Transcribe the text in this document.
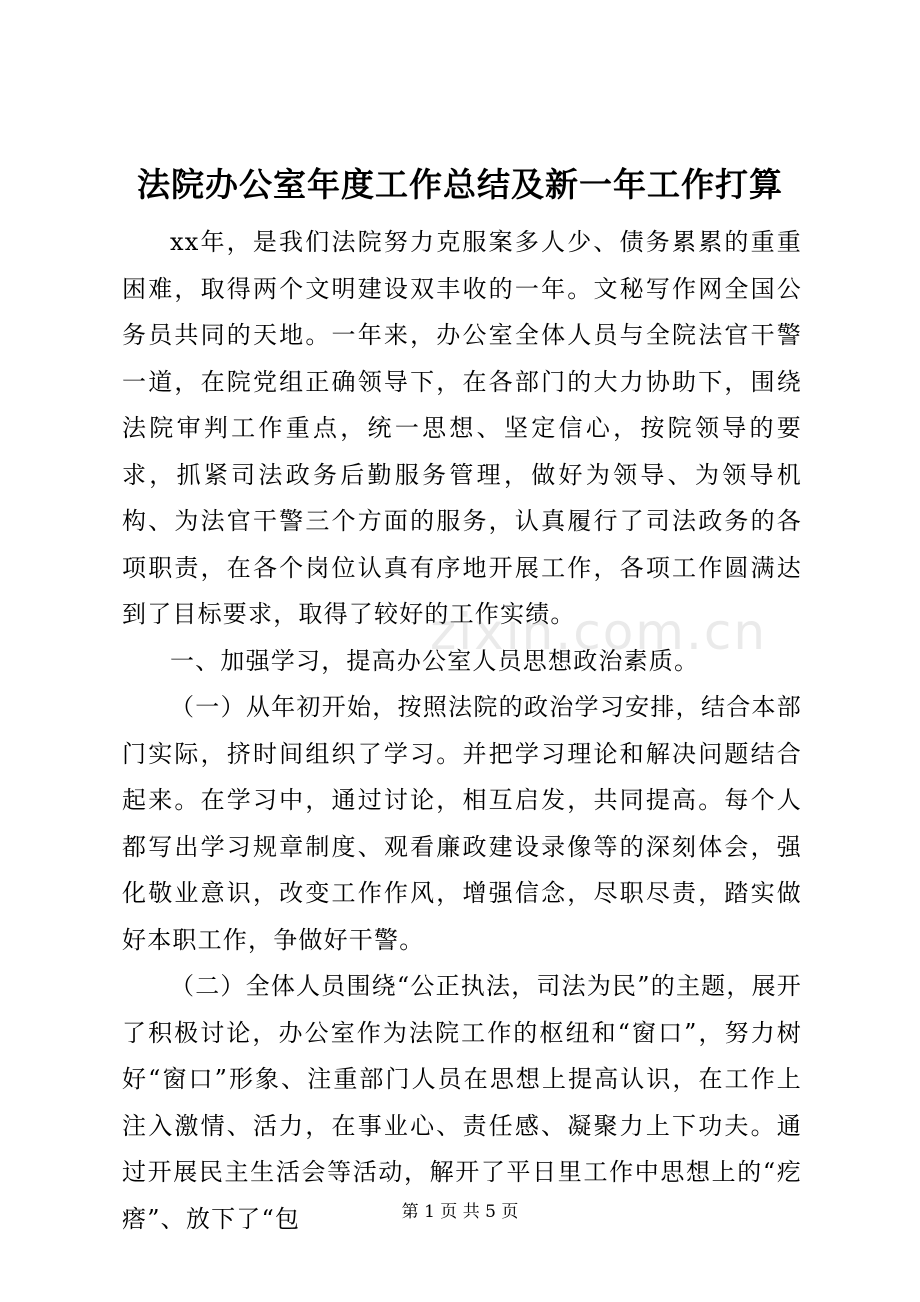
法院办公室年度工作总结及新一年工作打算

xx年，是我们法院努力克服案多人少、债务累累的重重困难，取得两个文明建设双丰收的一年。文秘写作网全国公务员共同的天地。一年来，办公室全体人员与全院法官干警一道，在院党组正确领导下，在各部门的大力协助下，围绕法院审判工作重点，统一思想、坚定信心，按院领导的要求，抓紧司法政务后勤服务管理，做好为领导、为领导机构、为法官干警三个方面的服务，认真履行了司法政务的各项职责，在各个岗位认真有序地开展工作，各项工作圆满达到了目标要求，取得了较好的工作实绩。

一、加强学习，提高办公室人员思想政治素质。

（一）从年初开始，按照法院的政治学习安排，结合本部门实际，挤时间组织了学习。并把学习理论和解决问题结合起来。在学习中，通过讨论，相互启发，共同提高。每个人都写出学习规章制度、观看廉政建设录像等的深刻体会，强化敬业意识，改变工作作风，增强信念，尽职尽责，踏实做好本职工作，争做好干警。

（二）全体人员围绕“公正执法，司法为民”的主题，展开了积极讨论，办公室作为法院工作的枢纽和“窗口”，努力树好“窗口”形象、注重部门人员在思想上提高认识，在工作上注入激情、活力，在事业心、责任感、凝聚力上下功夫。通过开展民主生活会等活动，解开了平日里工作中思想上的“疙瘩”、放下了“包

zixin.com.cn
第 1 页 共 5 页
